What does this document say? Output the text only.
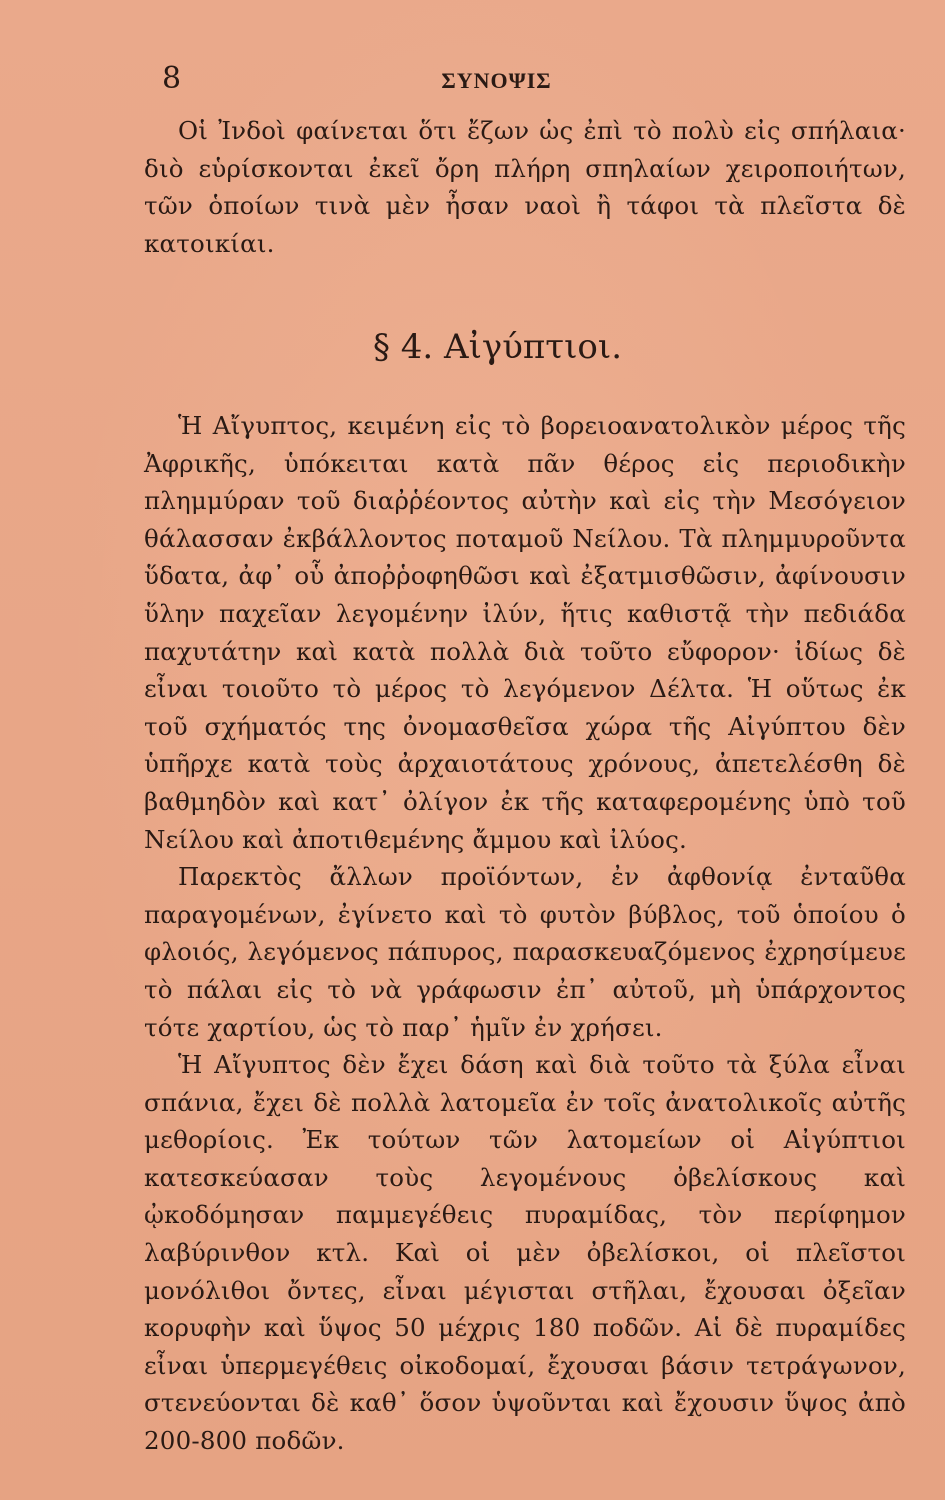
8	ΣΥΝΟΨΙΣ

Οἱ Ἰνδοὶ φαίνεται ὅτι ἔζων ὡς ἐπὶ τὸ πολὺ εἰς σπήλαια· διὸ εὑρίσκονται ἐκεῖ ὄρη πλήρη σπηλαίων χειροποιήτων, τῶν ὁποίων τινὰ μὲν ἦσαν ναοὶ ἢ τάφοι τὰ πλεῖστα δὲ κατοικίαι.

§ 4. Αἰγύπτιοι.

Ἡ Αἴγυπτος, κειμένη εἰς τὸ βορειοανατολικὸν μέρος τῆς Ἀφρικῆς, ὑπόκειται κατὰ πᾶν θέρος εἰς περιοδικὴν πλημμύραν τοῦ διαῤῥέοντος αὐτὴν καὶ εἰς τὴν Μεσόγειον θάλασσαν ἐκβάλλοντος ποταμοῦ Νείλου. Τὰ πλημμυροῦντα ὕδατα, ἀφ᾽ οὗ ἀποῤῥοφηθῶσι καὶ ἐξατμισθῶσιν, ἀφίνουσιν ὕλην παχεῖαν λεγομένην ἰλύν, ἥτις καθιστᾷ τὴν πεδιάδα παχυτάτην καὶ κατὰ πολλὰ διὰ τοῦτο εὔφορον· ἰδίως δὲ εἶναι τοιοῦτο τὸ μέρος τὸ λεγόμενον Δέλτα. Ἡ οὕτως ἐκ τοῦ σχήματός της ὀνομασθεῖσα χώρα τῆς Αἰγύπτου δὲν ὑπῆρχε κατὰ τοὺς ἀρχαιοτάτους χρόνους, ἀπετελέσθη δὲ βαθμηδὸν καὶ κατ᾽ ὀλίγον ἐκ τῆς καταφερομένης ὑπὸ τοῦ Νείλου καὶ ἀποτιθεμένης ἄμμου καὶ ἰλύος.

Παρεκτὸς ἄλλων προϊόντων, ἐν ἀφθονίᾳ ἐνταῦθα παραγομένων, ἐγίνετο καὶ τὸ φυτὸν βύβλος, τοῦ ὁποίου ὁ φλοιός, λεγόμενος πάπυρος, παρασκευαζόμενος ἐχρησίμευε τὸ πάλαι εἰς τὸ νὰ γράφωσιν ἐπ᾽ αὐτοῦ, μὴ ὑπάρχοντος τότε χαρτίου, ὡς τὸ παρ᾽ ἡμῖν ἐν χρήσει.

Ἡ Αἴγυπτος δὲν ἔχει δάση καὶ διὰ τοῦτο τὰ ξύλα εἶναι σπάνια, ἔχει δὲ πολλὰ λατομεῖα ἐν τοῖς ἀνατολικοῖς αὐτῆς μεθορίοις. Ἐκ τούτων τῶν λατομείων οἱ Αἰγύπτιοι κατεσκεύασαν τοὺς λεγομένους ὀβελίσκους καὶ ᾠκοδόμησαν παμμεγέθεις πυραμίδας, τὸν περίφημον λαβύρινθον κτλ. Καὶ οἱ μὲν ὀβελίσκοι, οἱ πλεῖστοι μονόλιθοι ὄντες, εἶναι μέγισται στῆλαι, ἔχουσαι ὀξεῖαν κορυφὴν καὶ ὕψος 50 μέχρις 180 ποδῶν. Αἱ δὲ πυραμίδες εἶναι ὑπερμεγέθεις οἰκοδομαί, ἔχουσαι βάσιν τετράγωνον, στενεύονται δὲ καθ᾽ ὅσον ὑψοῦνται καὶ ἔχουσιν ὕψος ἀπὸ 200-800 ποδῶν.
